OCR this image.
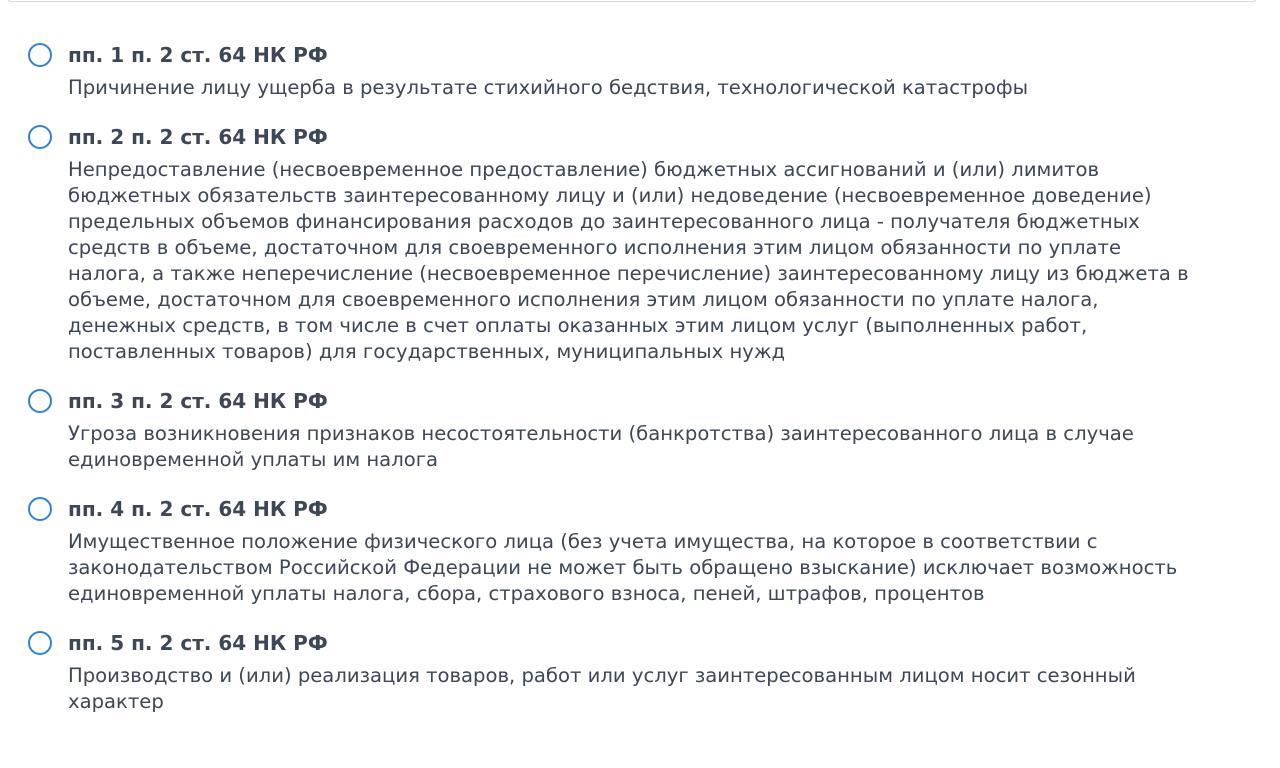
пп. 1 п. 2 ст. 64 НК РФ
Причинение лицу ущерба в результате стихийного бедствия, технологической катастрофы
пп. 2 п. 2 ст. 64 НК РФ
Непредоставление (несвоевременное предоставление) бюджетных ассигнований и (или) лимитов
бюджетных обязательств заинтересованному лицу и (или) недоведение (несвоевременное доведение)
предельных объемов финансирования расходов до заинтересованного лица - получателя бюджетных
средств в объеме, достаточном для своевременного исполнения этим лицом обязанности по уплате
налога, а также неперечисление (несвоевременное перечисление) заинтересованному лицу из бюджета в
объеме, достаточном для своевременного исполнения этим лицом обязанности по уплате налога,
денежных средств, в том числе в счет оплаты оказанных этим лицом услуг (выполненных работ,
поставленных товаров) для государственных, муниципальных нужд
пп. 3 п. 2 ст. 64 НК РФ
Угроза возникновения признаков несостоятельности (банкротства) заинтересованного лица в случае
единовременной уплаты им налога
пп. 4 п. 2 ст. 64 НК РФ
Имущественное положение физического лица (без учета имущества, на которое в соответствии с
законодательством Российской Федерации не может быть обращено взыскание) исключает возможность
единовременной уплаты налога, сбора, страхового взноса, пеней, штрафов, процентов
пп. 5 п. 2 ст. 64 НК РФ
Производство и (или) реализация товаров, работ или услуг заинтересованным лицом носит сезонный
характер
